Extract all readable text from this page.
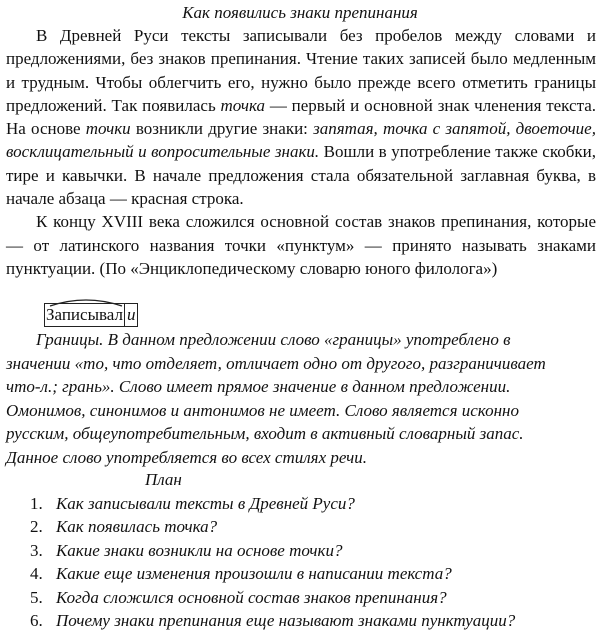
Как появились знаки препинания

В Древней Руси тексты записывали без пробелов между словами и предложениями, без знаков препинания. Чтение таких записей было медленным и трудным. Чтобы облегчить его, нужно было прежде всего отметить границы предложений. Так появилась точка — первый и основной знак членения текста. На основе точки возникли другие знаки: запятая, точка с запятой, двоеточие, восклицательный и вопросительные знаки. Вошли в употребление также скобки, тире и кавычки. В начале предложения стала обязательной заглавная буква, в начале абзаца — красная строка.

К концу XVIII века сложился основной состав знаков препинания, которые — от латинского названия точки «пунктум» — принято называть знаками пунктуации. (По «Энциклопедическому словарю юного филолога»)

Записывал и
Границы. В данном предложении слово «границы» употреблено в
значении «то, что отделяет, отличает одно от другого, разграничивает
что-л.; грань». Слово имеет прямое значение в данном предложении.
Омонимов, синонимов и антонимов не имеет. Слово является исконно
русским, общеупотребительным, входит в активный словарный запас.
Данное слово употребляется во всех стилях речи.
План
1. Как записывали тексты в Древней Руси?
2. Как появилась точка?
3. Какие знаки возникли на основе точки?
4. Какие еще изменения произошли в написании текста?
5. Когда сложился основной состав знаков препинания?
6. Почему знаки препинания еще называют знаками пунктуации?
